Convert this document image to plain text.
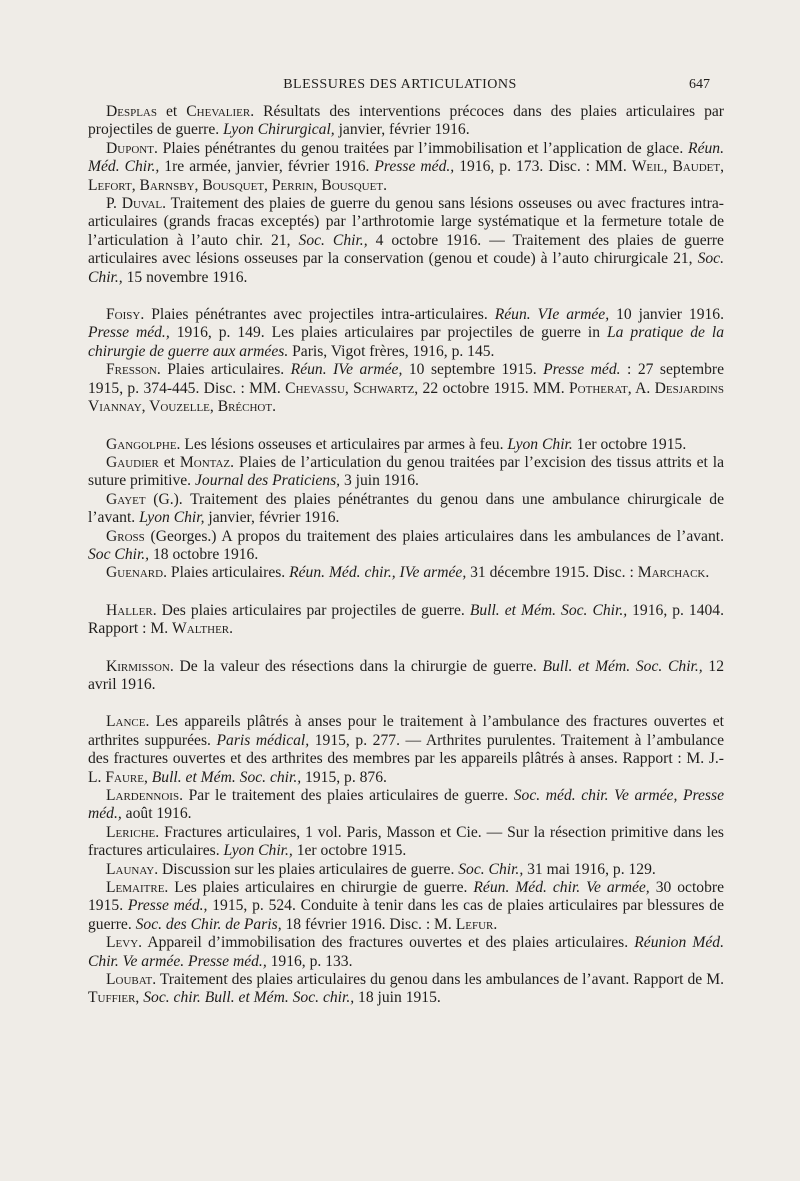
BLESSURES DES ARTICULATIONS	647

Desplas et Chevalier. Résultats des interventions précoces dans des plaies articulaires par projectiles de guerre. Lyon Chirurgical, janvier, février 1916.

Dupont. Plaies pénétrantes du genou traitées par l’immobilisation et l’application de glace. Réun. Méd. Chir., 1re armée, janvier, février 1916. Presse méd., 1916, p. 173. Disc. : MM. Weil, Baudet, Lefort, Barnsby, Bousquet, Perrin, Bousquet.

P. Duval. Traitement des plaies de guerre du genou sans lésions osseuses ou avec fractures intra-articulaires (grands fracas exceptés) par l’arthrotomie large systématique et la fermeture totale de l’articulation à l’auto chir. 21, Soc. Chir., 4 octobre 1916. — Traitement des plaies de guerre articulaires avec lésions osseuses par la conservation (genou et coude) à l’auto chirurgicale 21, Soc. Chir., 15 novembre 1916.

Foisy. Plaies pénétrantes avec projectiles intra-articulaires. Réun. VIe armée, 10 janvier 1916. Presse méd., 1916, p. 149. Les plaies articulaires par projectiles de guerre in La pratique de la chirurgie de guerre aux armées. Paris, Vigot frères, 1916, p. 145.

Fresson. Plaies articulaires. Réun. IVe armée, 10 septembre 1915. Presse méd. : 27 septembre 1915, p. 374-445. Disc. : MM. Chevassu, Schwartz, 22 octobre 1915. MM. Potherat, A. Desjardins Viannay, Vouzelle, Bréchot.

Gangolphe. Les lésions osseuses et articulaires par armes à feu. Lyon Chir. 1er octobre 1915.

Gaudier et Montaz. Plaies de l’articulation du genou traitées par l’excision des tissus attrits et la suture primitive. Journal des Praticiens, 3 juin 1916.

Gayet (G.). Traitement des plaies pénétrantes du genou dans une ambulance chirurgicale de l’avant. Lyon Chir, janvier, février 1916.

Gross (Georges.) A propos du traitement des plaies articulaires dans les ambulances de l’avant. Soc Chir., 18 octobre 1916.

Guenard. Plaies articulaires. Réun. Méd. chir., IVe armée, 31 décembre 1915. Disc. : Marchack.

Haller. Des plaies articulaires par projectiles de guerre. Bull. et Mém. Soc. Chir., 1916, p. 1404. Rapport : M. Walther.

Kirmisson. De la valeur des résections dans la chirurgie de guerre. Bull. et Mém. Soc. Chir., 12 avril 1916.

Lance. Les appareils plâtrés à anses pour le traitement à l’ambulance des fractures ouvertes et arthrites suppurées. Paris médical, 1915, p. 277. — Arthrites purulentes. Traitement à l’ambulance des fractures ouvertes et des arthrites des membres par les appareils plâtrés à anses. Rapport : M. J.-L. Faure, Bull. et Mém. Soc. chir., 1915, p. 876.

Lardennois. Par le traitement des plaies articulaires de guerre. Soc. méd. chir. Ve armée, Presse méd., août 1916.

Leriche. Fractures articulaires, 1 vol. Paris, Masson et Cie. — Sur la résection primitive dans les fractures articulaires. Lyon Chir., 1er octobre 1915.

Launay. Discussion sur les plaies articulaires de guerre. Soc. Chir., 31 mai 1916, p. 129.

Lemaitre. Les plaies articulaires en chirurgie de guerre. Réun. Méd. chir. Ve armée, 30 octobre 1915. Presse méd., 1915, p. 524. Conduite à tenir dans les cas de plaies articulaires par blessures de guerre. Soc. des Chir. de Paris, 18 février 1916. Disc. : M. Lefur.

Levy. Appareil d’immobilisation des fractures ouvertes et des plaies articulaires. Réunion Méd. Chir. Ve armée. Presse méd., 1916, p. 133.

Loubat. Traitement des plaies articulaires du genou dans les ambulances de l’avant. Rapport de M. Tuffier, Soc. chir. Bull. et Mém. Soc. chir., 18 juin 1915.
